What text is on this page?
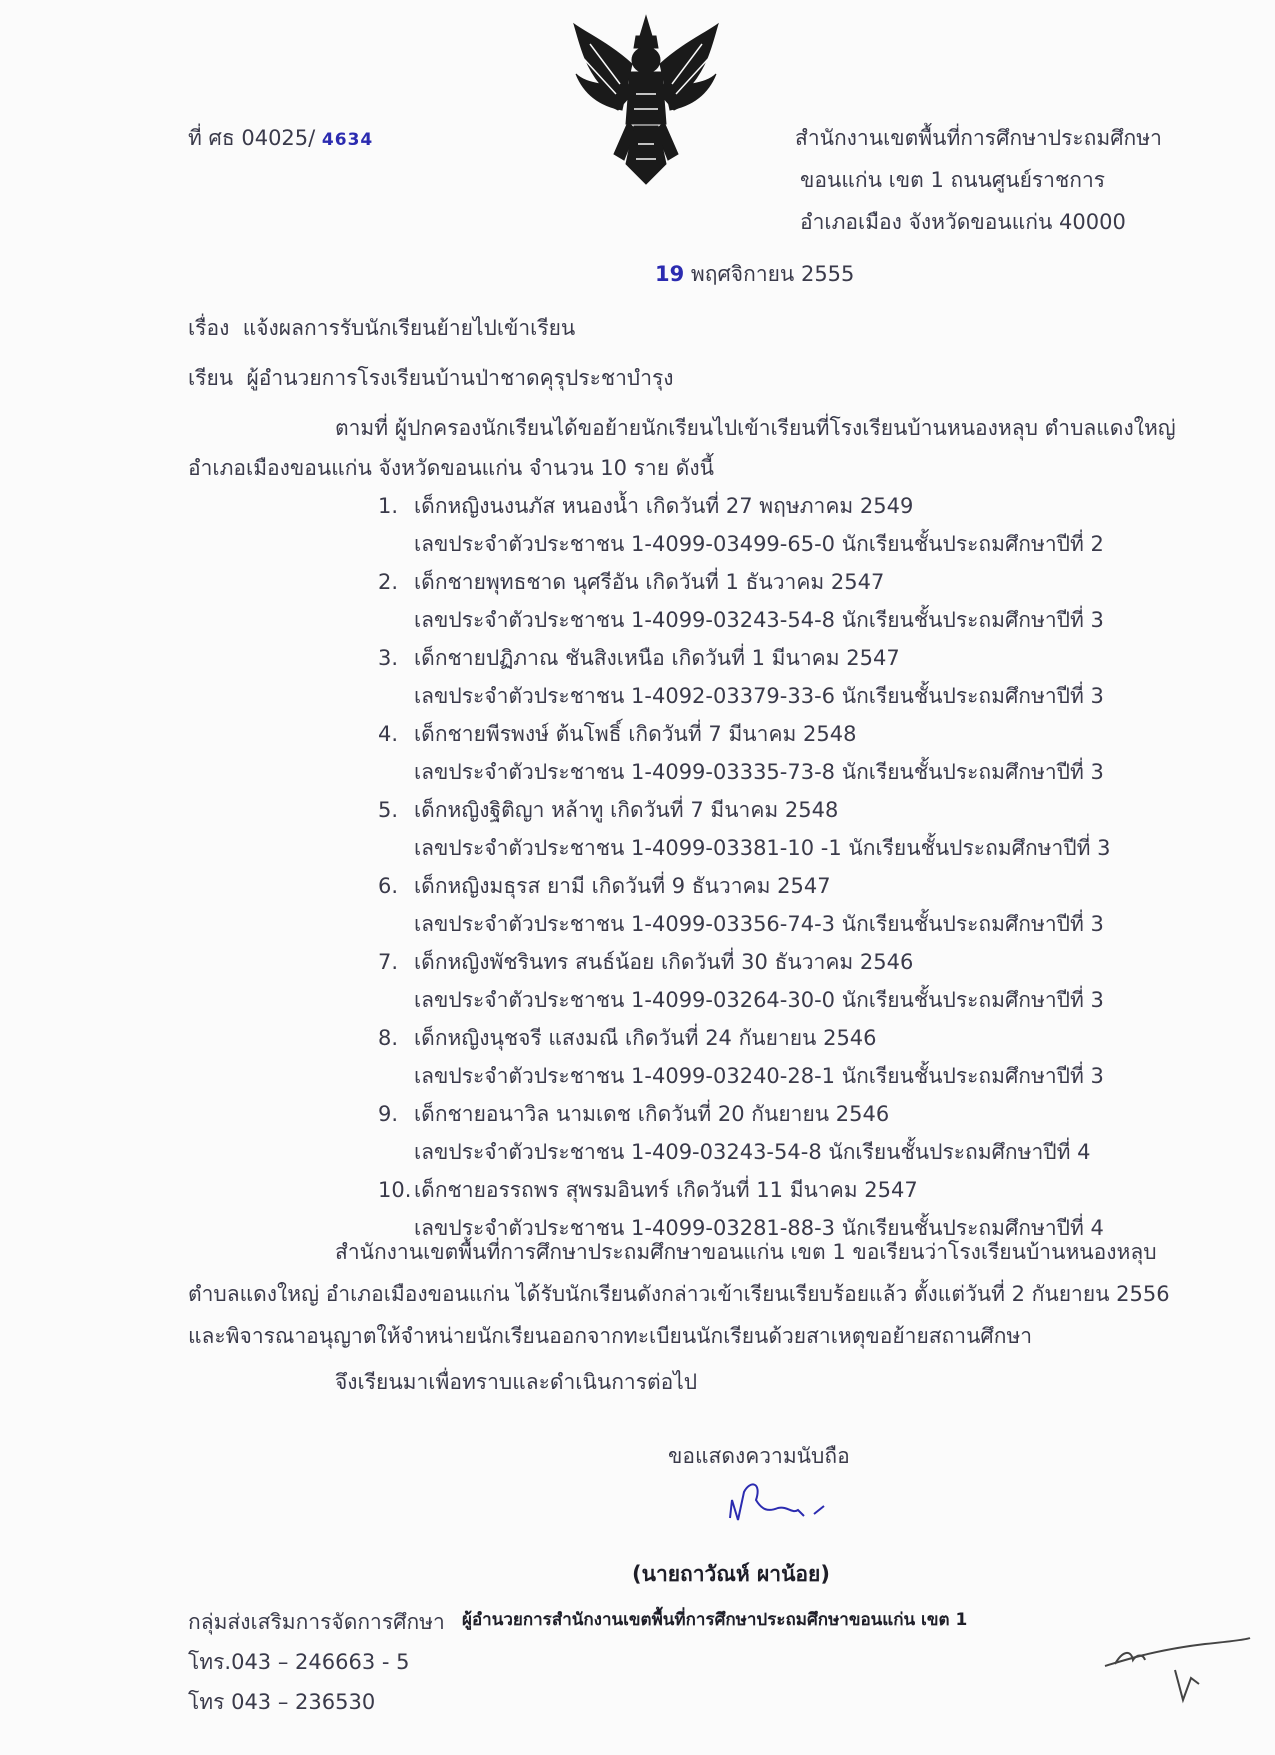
ที่ ศธ 04025/ 4634	สำนักงานเขตพื้นที่การศึกษาประถมศึกษา
ขอนแก่น เขต 1 ถนนศูนย์ราชการ
อำเภอเมือง จังหวัดขอนแก่น 40000
19 พฤศจิกายน 2555
เรื่อง แจ้งผลการรับนักเรียนย้ายไปเข้าเรียน
เรียน ผู้อำนวยการโรงเรียนบ้านป่าชาดคุรุประชาบำรุง
ตามที่ ผู้ปกครองนักเรียนได้ขอย้ายนักเรียนไปเข้าเรียนที่โรงเรียนบ้านหนองหลุบ ตำบลแดงใหญ่
อำเภอเมืองขอนแก่น จังหวัดขอนแก่น จำนวน 10 ราย ดังนี้
1. เด็กหญิงนงนภัส หนองน้ำ เกิดวันที่ 27 พฤษภาคม 2549
เลขประจำตัวประชาชน 1-4099-03499-65-0 นักเรียนชั้นประถมศึกษาปีที่ 2
2. เด็กชายพุทธชาด นุศรีอัน เกิดวันที่ 1 ธันวาคม 2547
เลขประจำตัวประชาชน 1-4099-03243-54-8 นักเรียนชั้นประถมศึกษาปีที่ 3
3. เด็กชายปฏิภาณ ชันสิงเหนือ เกิดวันที่ 1 มีนาคม 2547
เลขประจำตัวประชาชน 1-4092-03379-33-6 นักเรียนชั้นประถมศึกษาปีที่ 3
4. เด็กชายพีรพงษ์ ต้นโพธิ์ เกิดวันที่ 7 มีนาคม 2548
เลขประจำตัวประชาชน 1-4099-03335-73-8 นักเรียนชั้นประถมศึกษาปีที่ 3
5. เด็กหญิงฐิติญา หล้าทู เกิดวันที่ 7 มีนาคม 2548
เลขประจำตัวประชาชน 1-4099-03381-10 -1 นักเรียนชั้นประถมศึกษาปีที่ 3
6. เด็กหญิงมธุรส ยามี เกิดวันที่ 9 ธันวาคม 2547
เลขประจำตัวประชาชน 1-4099-03356-74-3 นักเรียนชั้นประถมศึกษาปีที่ 3
7. เด็กหญิงพัชรินทร สนธ์น้อย เกิดวันที่ 30 ธันวาคม 2546
เลขประจำตัวประชาชน 1-4099-03264-30-0 นักเรียนชั้นประถมศึกษาปีที่ 3
8. เด็กหญิงนุชจรี แสงมณี เกิดวันที่ 24 กันยายน 2546
เลขประจำตัวประชาชน 1-4099-03240-28-1 นักเรียนชั้นประถมศึกษาปีที่ 3
9. เด็กชายอนาวิล นามเดช เกิดวันที่ 20 กันยายน 2546
เลขประจำตัวประชาชน 1-409-03243-54-8 นักเรียนชั้นประถมศึกษาปีที่ 4
10. เด็กชายอรรถพร สุพรมอินทร์ เกิดวันที่ 11 มีนาคม 2547
เลขประจำตัวประชาชน 1-4099-03281-88-3 นักเรียนชั้นประถมศึกษาปีที่ 4
สำนักงานเขตพื้นที่การศึกษาประถมศึกษาขอนแก่น เขต 1 ขอเรียนว่าโรงเรียนบ้านหนองหลุบ
ตำบลแดงใหญ่ อำเภอเมืองขอนแก่น ได้รับนักเรียนดังกล่าวเข้าเรียนเรียบร้อยแล้ว ตั้งแต่วันที่ 2 กันยายน 2556
และพิจารณาอนุญาตให้จำหน่ายนักเรียนออกจากทะเบียนนักเรียนด้วยสาเหตุขอย้ายสถานศึกษา
จึงเรียนมาเพื่อทราบและดำเนินการต่อไป
ขอแสดงความนับถือ
(นายถาวัณห์ ผาน้อย)
กลุ่มส่งเสริมการจัดการศึกษา ผู้อำนวยการสำนักงานเขตพื้นที่การศึกษาประถมศึกษาขอนแก่น เขต 1
โทร.043 – 246663 - 5
โทร 043 – 236530
